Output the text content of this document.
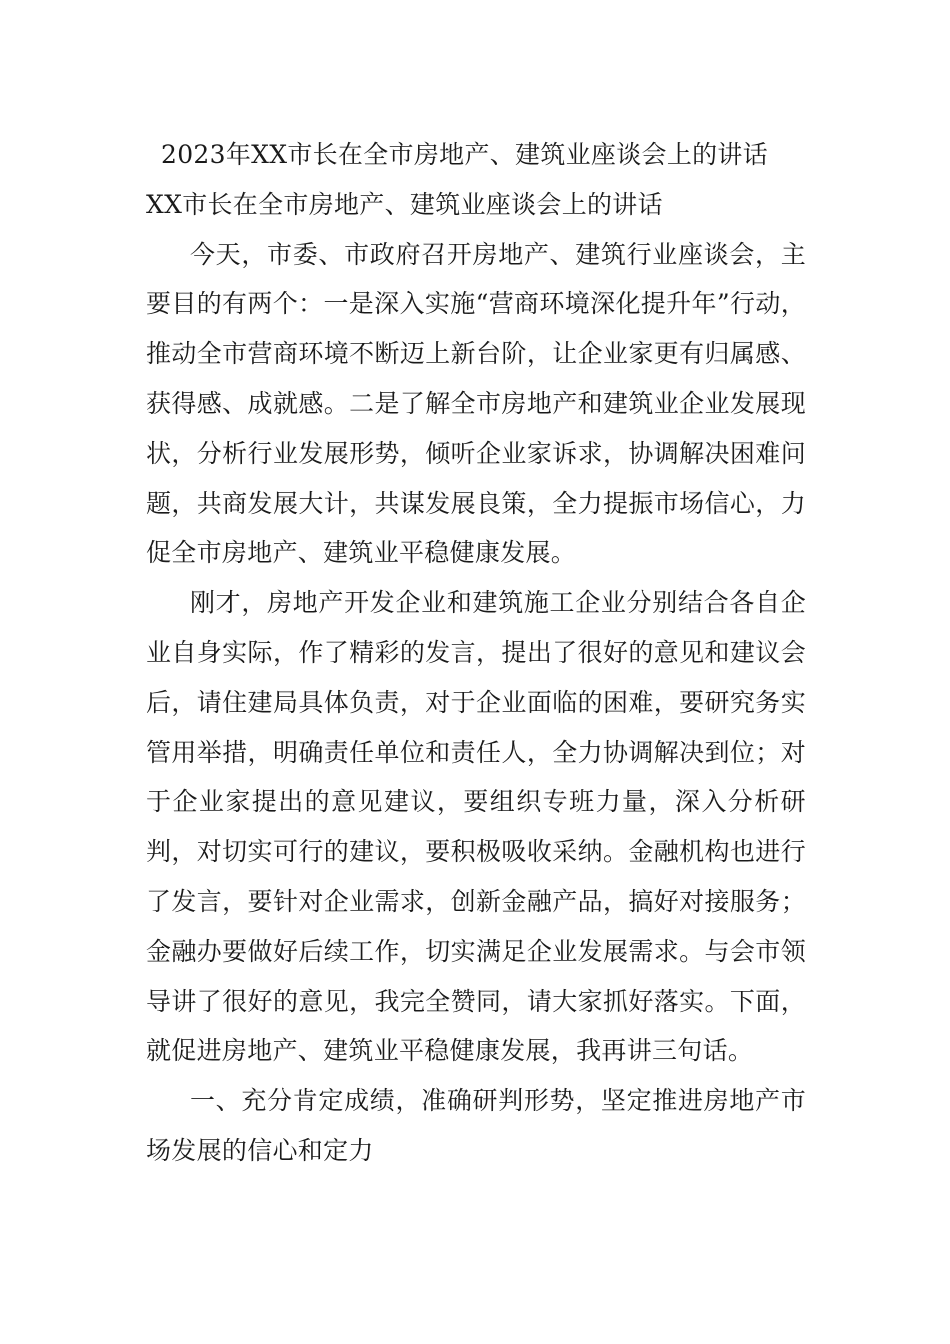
2023年XX市长在全市房地产、建筑业座谈会上的讲话

XX市长在全市房地产、建筑业座谈会上的讲话

今天，市委、市政府召开房地产、建筑行业座谈会，主要目的有两个：一是深入实施“营商环境深化提升年”行动，推动全市营商环境不断迈上新台阶，让企业家更有归属感、获得感、成就感。二是了解全市房地产和建筑业企业发展现状，分析行业发展形势，倾听企业家诉求，协调解决困难问题，共商发展大计，共谋发展良策，全力提振市场信心，力促全市房地产、建筑业平稳健康发展。

刚才，房地产开发企业和建筑施工企业分别结合各自企业自身实际，作了精彩的发言，提出了很好的意见和建议会后，请住建局具体负责，对于企业面临的困难，要研究务实管用举措，明确责任单位和责任人，全力协调解决到位；对于企业家提出的意见建议，要组织专班力量，深入分析研判，对切实可行的建议，要积极吸收采纳。金融机构也进行了发言，要针对企业需求，创新金融产品，搞好对接服务；金融办要做好后续工作，切实满足企业发展需求。与会市领导讲了很好的意见，我完全赞同，请大家抓好落实。下面，就促进房地产、建筑业平稳健康发展，我再讲三句话。

一、充分肯定成绩，准确研判形势，坚定推进房地产市场发展的信心和定力
